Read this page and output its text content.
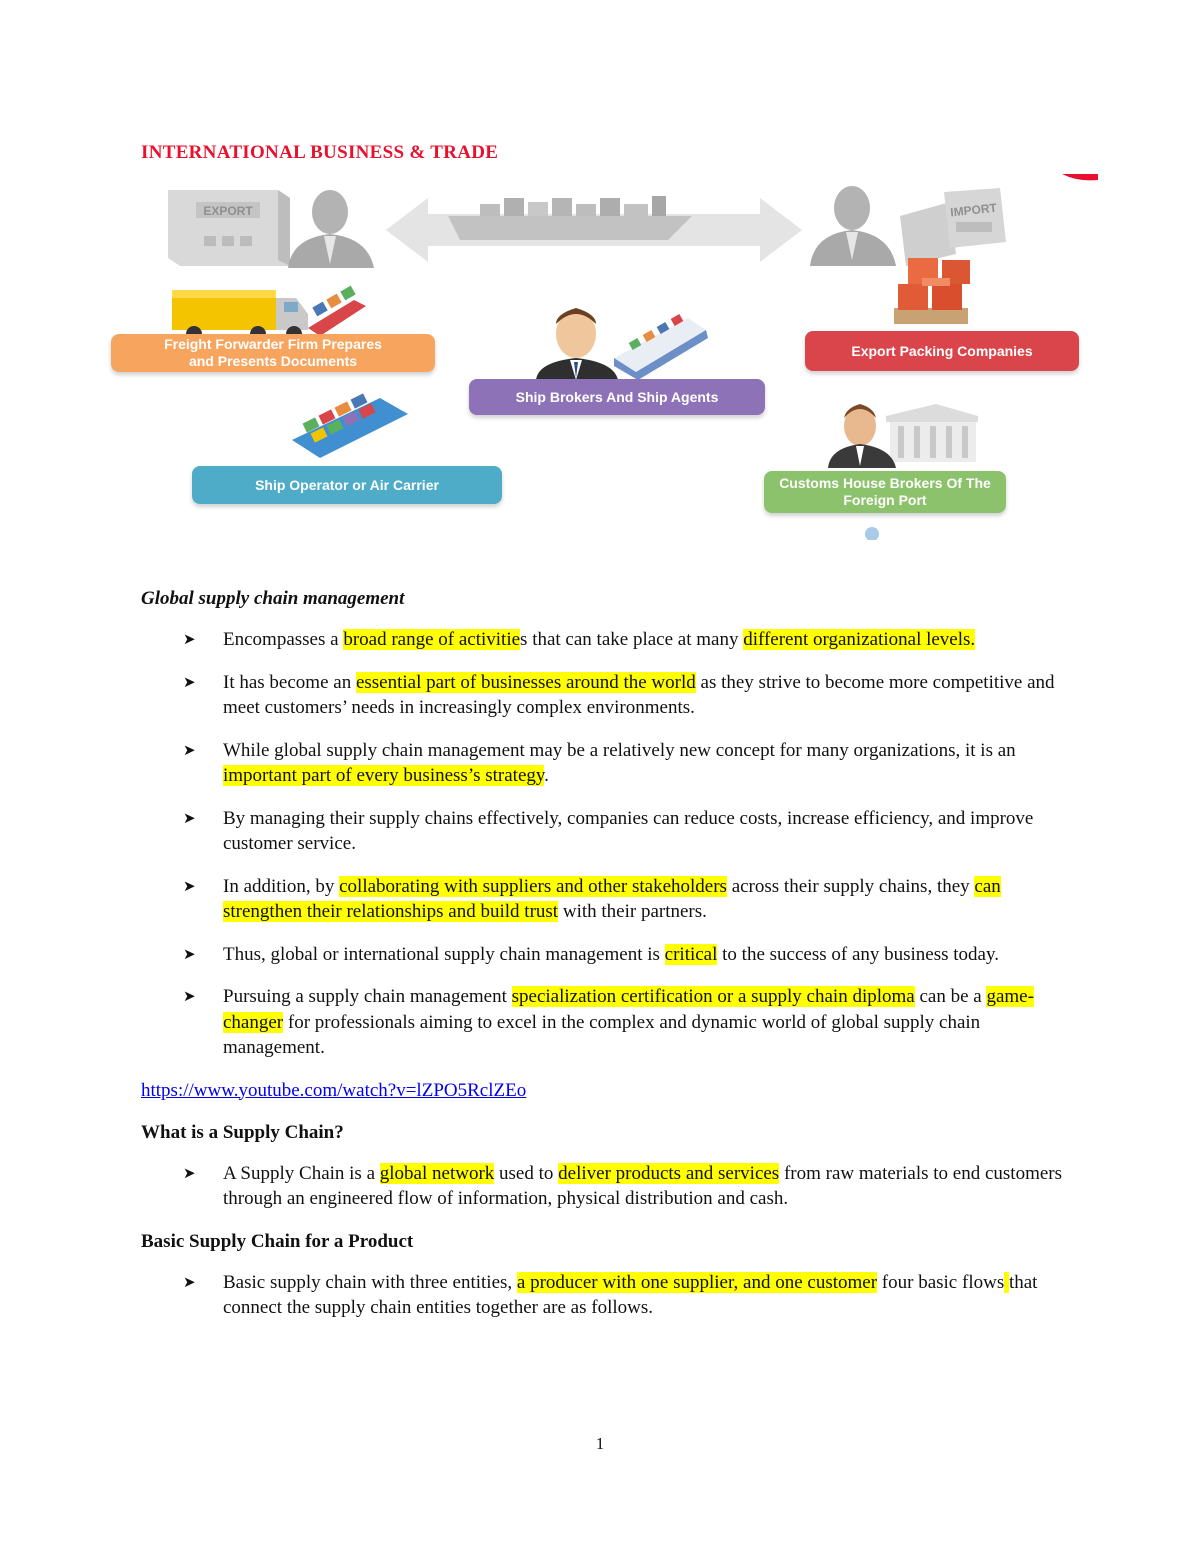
INTERNATIONAL BUSINESS & TRADE
EXPORT	IMPORT
Freight Forwarder Firm Prepares and Presents Documents
Ship Brokers And Ship Agents
Export Packing Companies
Ship Operator or Air Carrier	Customs House Brokers Of The Foreign Port
Global supply chain management
➤ Encompasses a broad range of activities that can take place at many different organizational levels.
➤ It has become an essential part of businesses around the world as they strive to become more competitive and meet customers’ needs in increasingly complex environments.
➤ While global supply chain management may be a relatively new concept for many organizations, it is an important part of every business’s strategy.
➤ By managing their supply chains effectively, companies can reduce costs, increase efficiency, and improve customer service.
➤ In addition, by collaborating with suppliers and other stakeholders across their supply chains, they can strengthen their relationships and build trust with their partners.
➤ Thus, global or international supply chain management is critical to the success of any business today.
➤ Pursuing a supply chain management specialization certification or a supply chain diploma can be a game-changer for professionals aiming to excel in the complex and dynamic world of global supply chain management.
https://www.youtube.com/watch?v=lZPO5RclZEo
What is a Supply Chain?
➤ A Supply Chain is a global network used to deliver products and services from raw materials to end customers through an engineered flow of information, physical distribution and cash.
Basic Supply Chain for a Product
➤ Basic supply chain with three entities, a producer with one supplier, and one customer four basic flows that connect the supply chain entities together are as follows.
1
